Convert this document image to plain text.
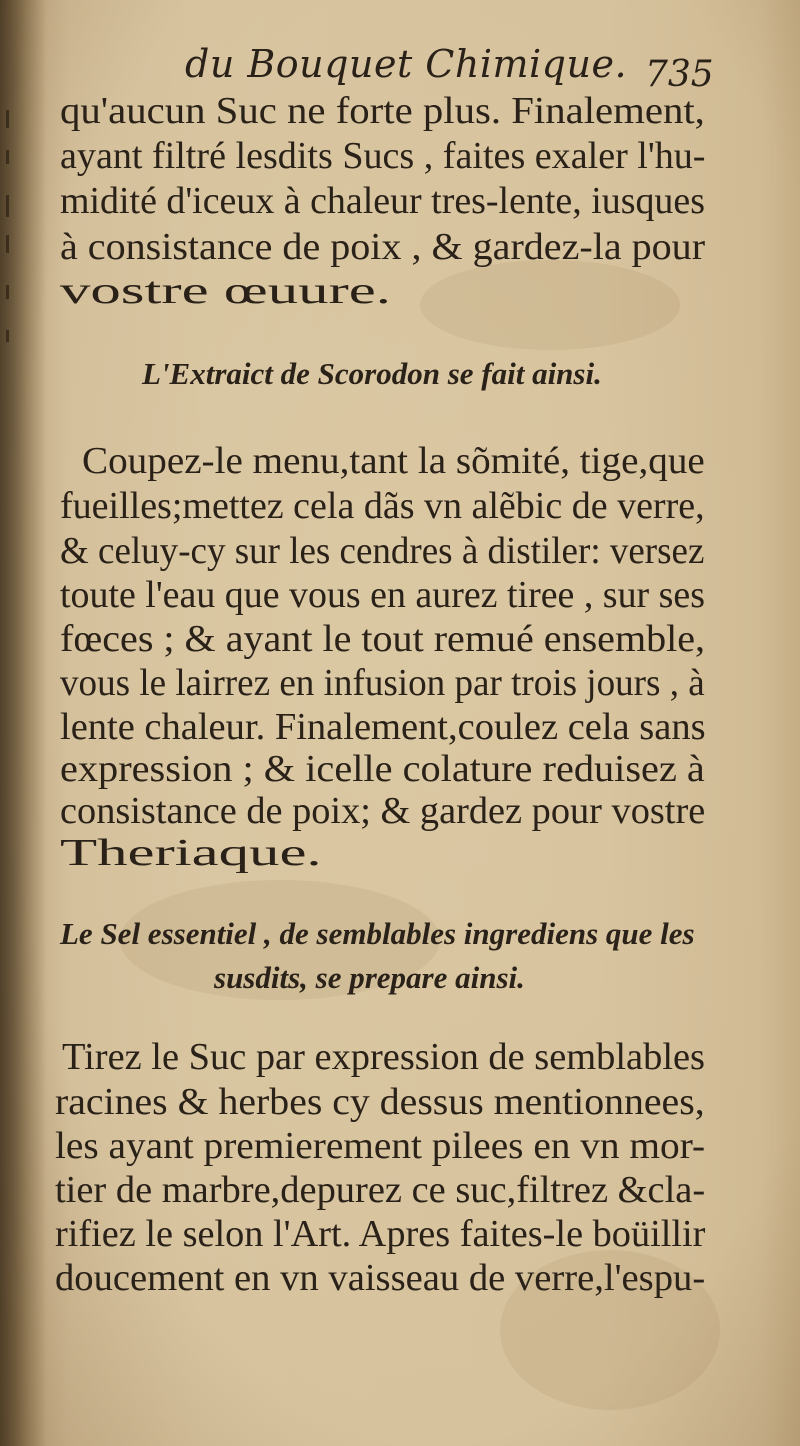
du Bouquet Chimique. 735
qu'aucun Suc ne forte plus. Finalement,
ayant filtré lesdits Sucs , faites exaler l'hu-
midité d'iceux à chaleur tres-lente, iusques
à consistance de poix , & gardez-la pour
vostre œuure.
L'Extraict de Scorodon se fait ainsi.
Coupez-le menu,tant la sõmité, tige,que
fueilles;mettez cela dãs vn alẽbic de verre,
& celuy-cy sur les cendres à distiler: versez
toute l'eau que vous en aurez tiree , sur ses
fœces ; & ayant le tout remué ensemble,
vous le lairrez en infusion par trois jours , à
lente chaleur. Finalement,coulez cela sans
expression ; & icelle colature reduisez à
consistance de poix; & gardez pour vostre
Theriaque.
Le Sel essentiel , de semblables ingrediens que les
susdits, se prepare ainsi.
Tirez le Suc par expression de semblables
racines & herbes cy dessus mentionnees,
les ayant premierement pilees en vn mor-
tier de marbre,depurez ce suc,filtrez &cla-
rifiez le selon l'Art. Apres faites-le boüillir
doucement en vn vaisseau de verre,l'espu-
